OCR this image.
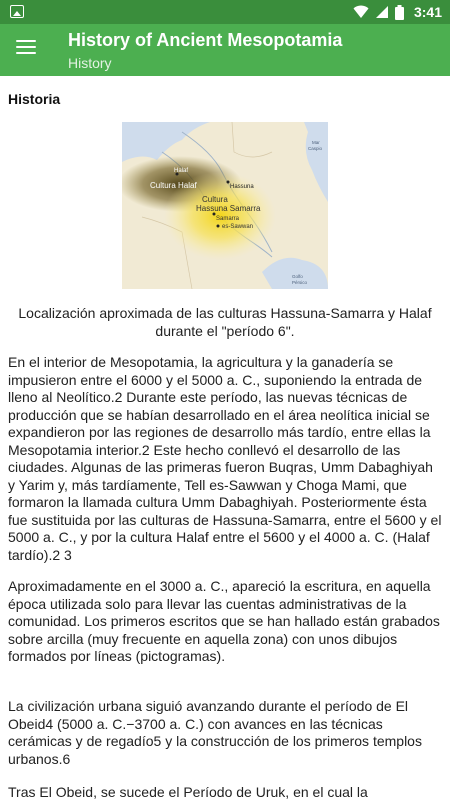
3:41
History of Ancient Mesopotamia
History
Historia
Halaf
Cultura Halaf	Hassuna
Cultura Hassuna Samarra
Samarra
es-Sawwan
Mar Caspio
Golfo Pérsico
Localización aproximada de las culturas Hassuna-Samarra y Halaf durante el "período 6".
En el interior de Mesopotamia, la agricultura y la ganadería se impusieron entre el 6000 y el 5000 a. C., suponiendo la entrada de lleno al Neolítico.2 Durante este período, las nuevas técnicas de producción que se habían desarrollado en el área neolítica inicial se expandieron por las regiones de desarrollo más tardío, entre ellas la Mesopotamia interior.2 Este hecho conllevó el desarrollo de las ciudades. Algunas de las primeras fueron Buqras, Umm Dabaghiyah y Yarim y, más tardíamente, Tell es-Sawwan y Choga Mami, que formaron la llamada cultura Umm Dabaghiyah. Posteriormente ésta fue sustituida por las culturas de Hassuna-Samarra, entre el 5600 y el 5000 a. C., y por la cultura Halaf entre el 5600 y el 4000 a. C. (Halaf tardío).2 3
Aproximadamente en el 3000 a. C., apareció la escritura, en aquella época utilizada solo para llevar las cuentas administrativas de la comunidad. Los primeros escritos que se han hallado están grabados sobre arcilla (muy frecuente en aquella zona) con unos dibujos formados por líneas (pictogramas).
La civilización urbana siguió avanzando durante el período de El Obeid4 (5000 a. C.−3700 a. C.) con avances en las técnicas cerámicas y de regadío5 y la construcción de los primeros templos urbanos.6
Tras El Obeid, se sucede el Período de Uruk, en el cual la
